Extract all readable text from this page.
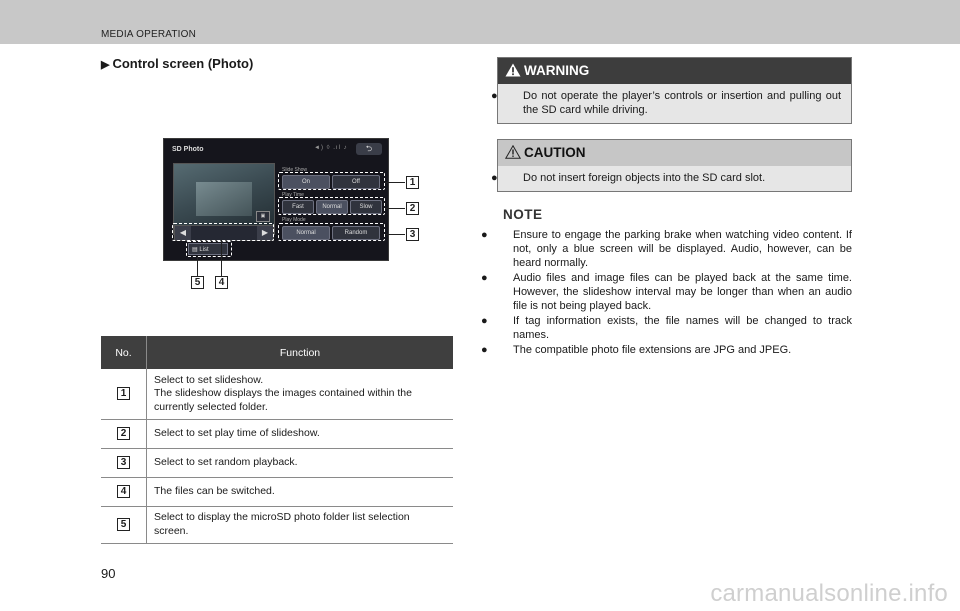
MEDIA OPERATION
▶ Control screen (Photo)
SD Photo	◄) ◊ .ıl ♪	⮌
▣
Slide Show
On	Off
Play Time
Fast	Normal	Slow
Play Mode
Normal	Random
◀	▶
▤ List
1
2
3
5	4
No.	Function
1	Select to set slideshow.
The slideshow displays the images contained within the
currently selected folder.

2	Select to set play time of slideshow.

3	Select to set random playback.

4	The files can be switched.

5	Select to display the microSD photo folder list selection
screen.
WARNING
● Do not operate the player’s controls or insertion and pulling out the SD card while driving.
CAUTION
● Do not insert foreign objects into the SD card slot.
NOTE
● Ensure to engage the parking brake when watching video content. If not, only a blue screen will be displayed. Audio, however, can be heard normally.
● Audio files and image files can be played back at the same time. However, the slideshow interval may be longer than when an audio file is not being played back.
● If tag information exists, the file names will be changed to track names.
● The compatible photo file extensions are JPG and JPEG.
90
carmanualsonline.info
